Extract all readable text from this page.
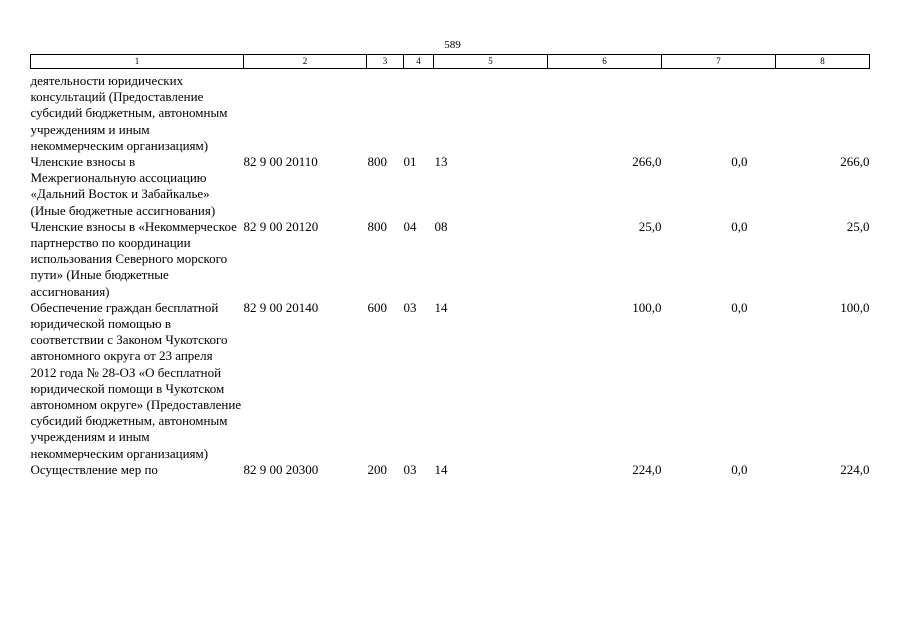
589
1	2	3	4	5	6	7	8
деятельности юридических консультаций (Предоставление субсидий бюджетным, автономным учреждениям и иным некоммерческим организациям)							
Членские взносы в Межрегиональную ассоциацию «Дальний Восток и Забайкалье» (Иные бюджетные ассигнования)	82 9 00 20110	800	01	13	266,0	0,0	266,0
Членские взносы в «Некоммерческое партнерство по координации использования Северного морского пути» (Иные бюджетные ассигнования)	82 9 00 20120	800	04	08	25,0	0,0	25,0
Обеспечение граждан бесплатной юридической помощью в соответствии с Законом Чукотского автономного округа от 23 апреля 2012 года № 28-ОЗ «О бесплатной юридической помощи в Чукотском автономном округе» (Предоставление субсидий бюджетным, автономным учреждениям и иным некоммерческим организациям)	82 9 00 20140	600	03	14	100,0	0,0	100,0
Осуществление мер по	82 9 00 20300	200	03	14	224,0	0,0	224,0
